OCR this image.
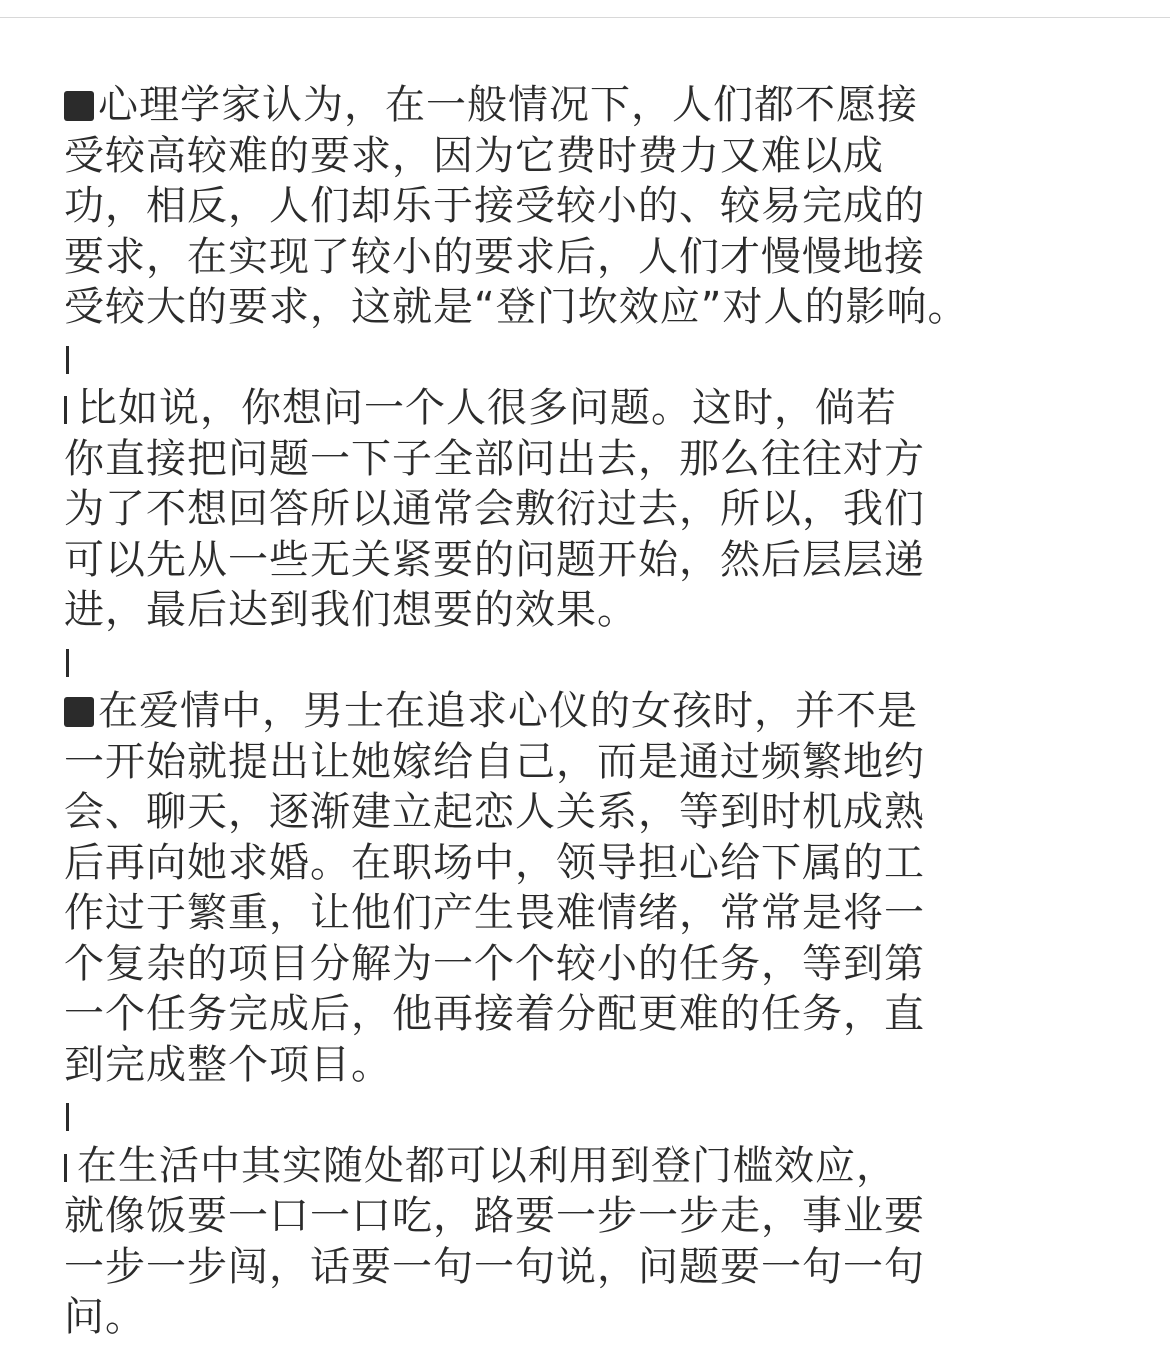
心理学家认为，在一般情况下，人们都不愿接
受较高较难的要求，因为它费时费力又难以成
功，相反，人们却乐于接受较小的、较易完成的
要求，在实现了较小的要求后，人们才慢慢地接
受较大的要求，这就是“登门坎效应”对人的影响。
比如说，你想问一个人很多问题。这时，倘若
你直接把问题一下子全部问出去，那么往往对方
为了不想回答所以通常会敷衍过去，所以，我们
可以先从一些无关紧要的问题开始，然后层层递
进，最后达到我们想要的效果。
在爱情中，男士在追求心仪的女孩时，并不是
一开始就提出让她嫁给自己，而是通过频繁地约
会、聊天，逐渐建立起恋人关系，等到时机成熟
后再向她求婚。在职场中，领导担心给下属的工
作过于繁重，让他们产生畏难情绪，常常是将一
个复杂的项目分解为一个个较小的任务，等到第
一个任务完成后，他再接着分配更难的任务，直
到完成整个项目。
在生活中其实随处都可以利用到登门槛效应，
就像饭要一口一口吃，路要一步一步走，事业要
一步一步闯，话要一句一句说，问题要一句一句
问。
